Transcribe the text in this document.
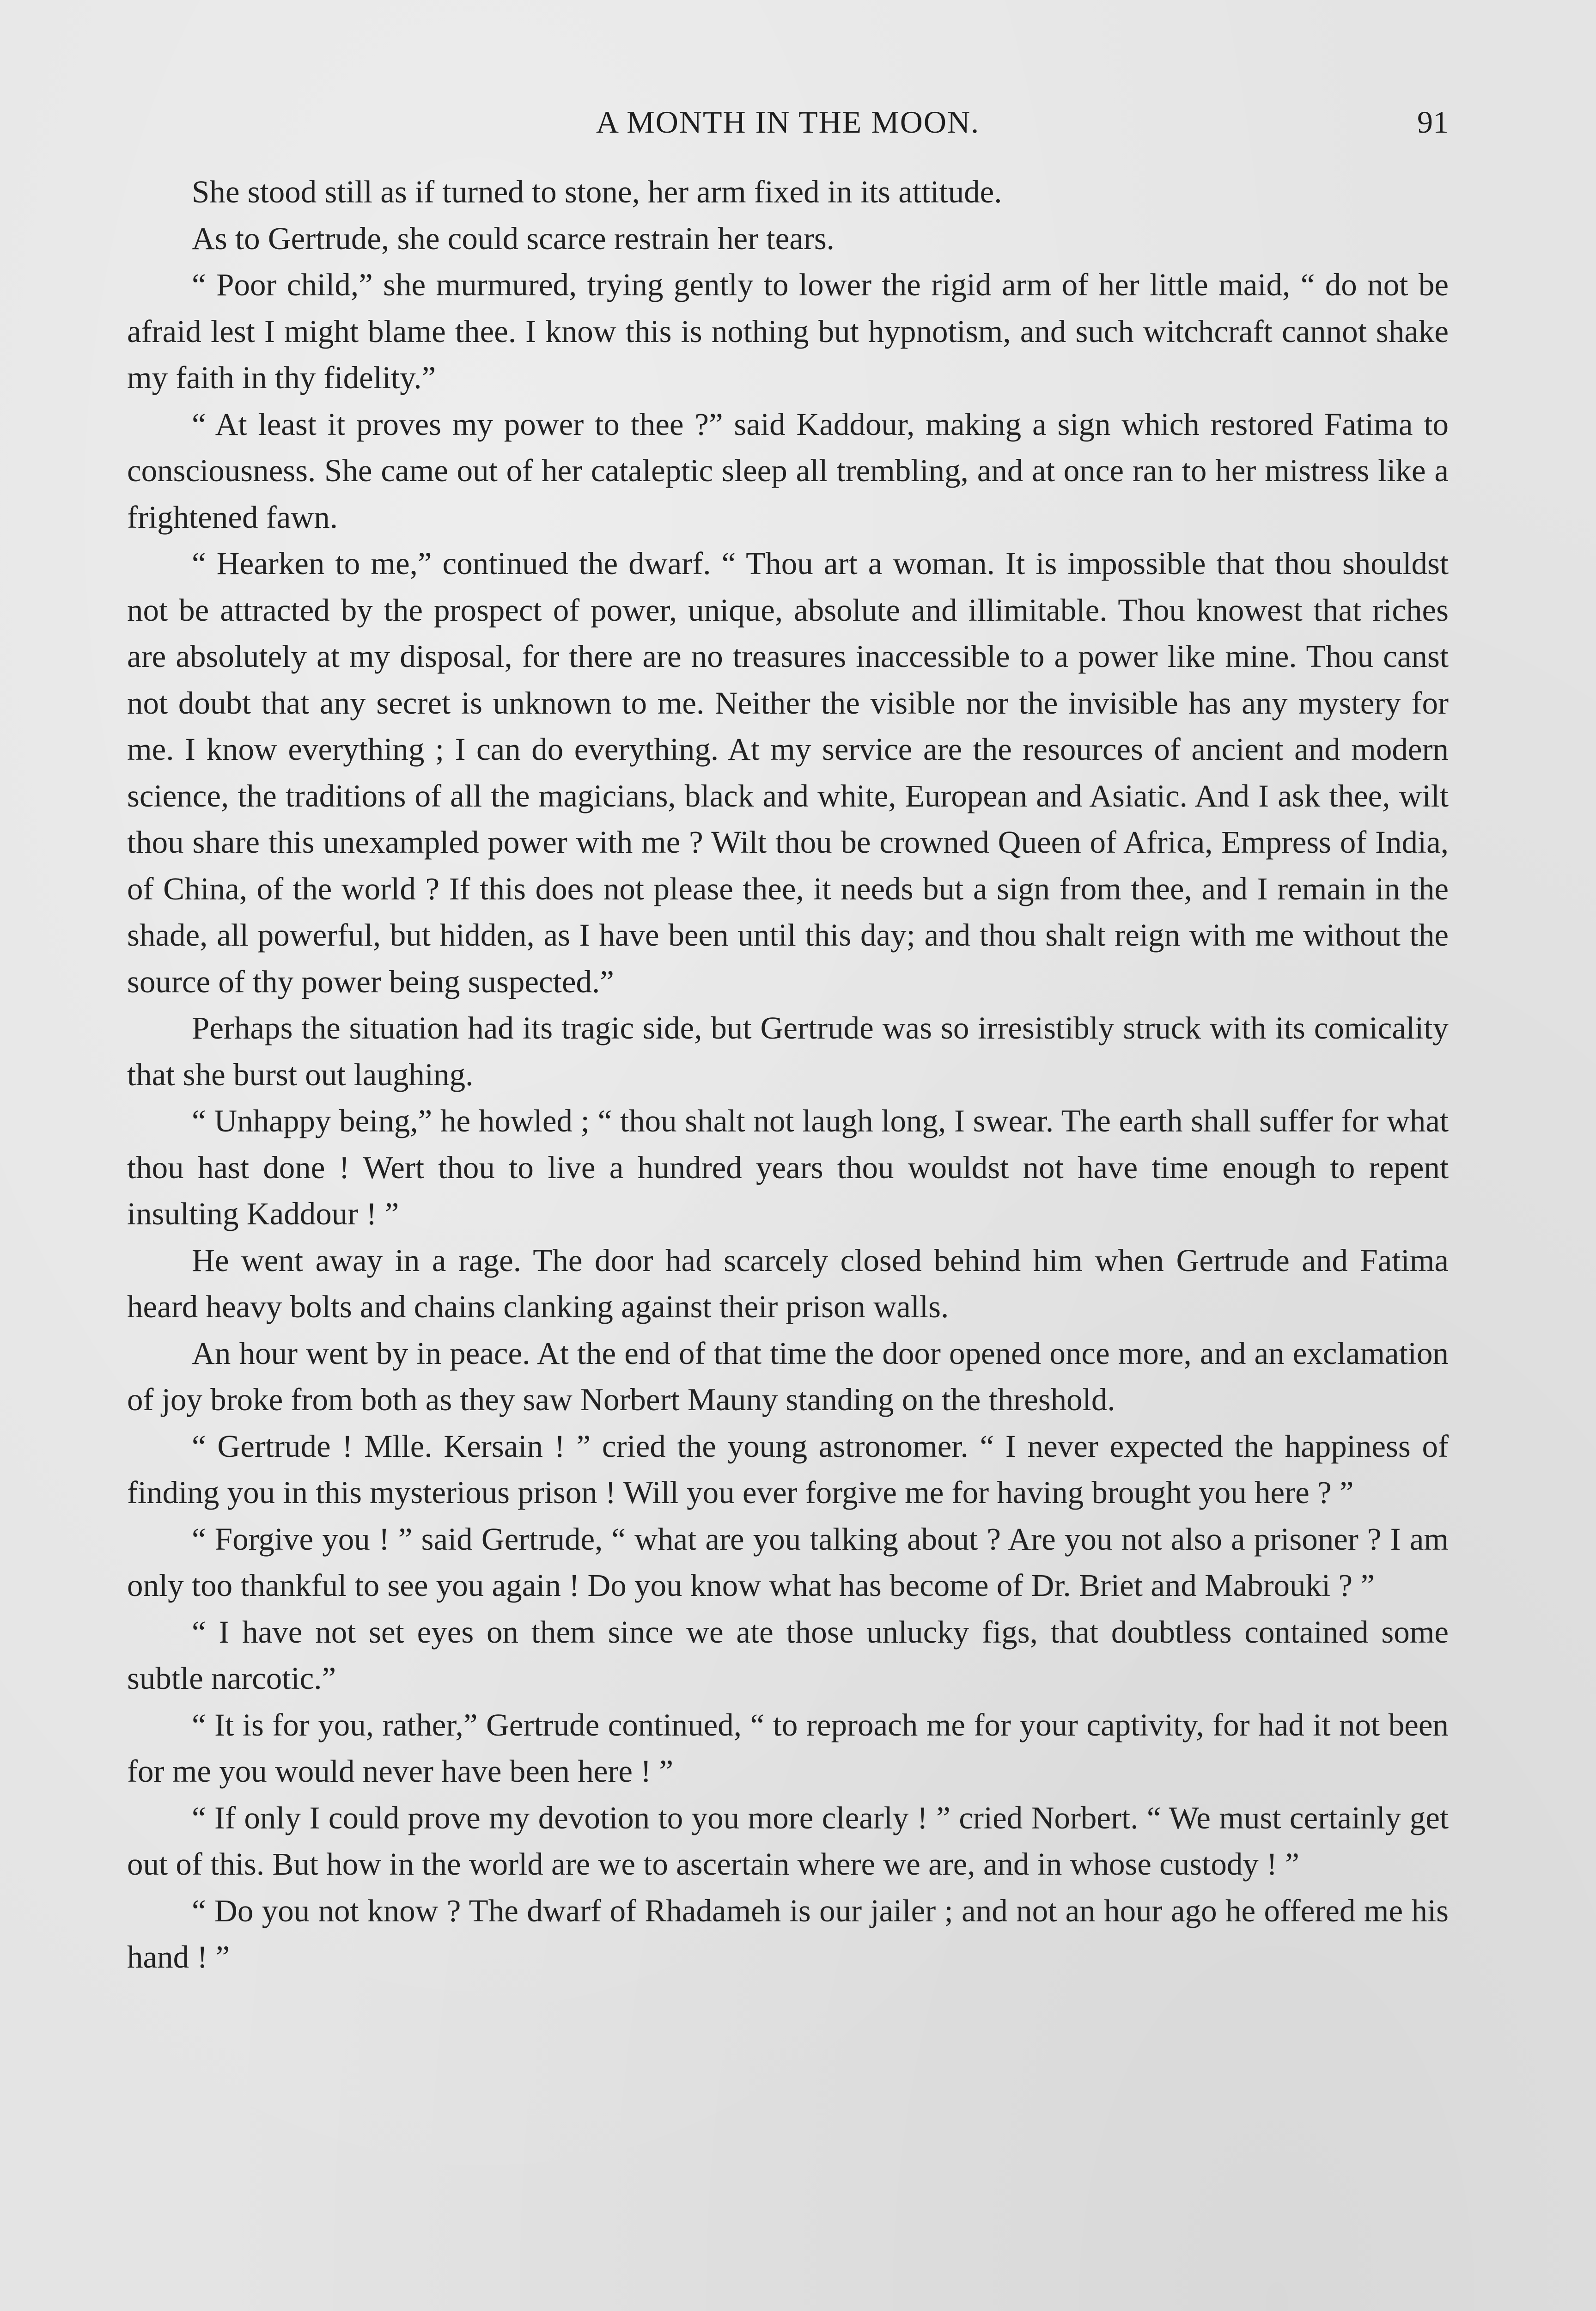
A MONTH IN THE MOON.	91

She stood still as if turned to stone, her arm fixed in its attitude.

As to Gertrude, she could scarce restrain her tears.

“ Poor child,” she murmured, trying gently to lower the rigid arm of her little maid, “ do not be afraid lest I might blame thee. I know this is nothing but hypnotism, and such witchcraft cannot shake my faith in thy fidelity.”

“ At least it proves my power to thee ?” said Kaddour, making a sign which restored Fatima to consciousness. She came out of her cataleptic sleep all trembling, and at once ran to her mistress like a frightened fawn.

“ Hearken to me,” continued the dwarf. “ Thou art a woman. It is impossible that thou shouldst not be attracted by the prospect of power, unique, absolute and illimitable. Thou knowest that riches are absolutely at my disposal, for there are no treasures inaccessible to a power like mine. Thou canst not doubt that any secret is unknown to me. Neither the visible nor the invisible has any mystery for me. I know everything ; I can do everything. At my service are the resources of ancient and modern science, the traditions of all the magicians, black and white, European and Asiatic. And I ask thee, wilt thou share this unexampled power with me ? Wilt thou be crowned Queen of Africa, Empress of India, of China, of the world ? If this does not please thee, it needs but a sign from thee, and I remain in the shade, all powerful, but hidden, as I have been until this day; and thou shalt reign with me without the source of thy power being suspected.”

Perhaps the situation had its tragic side, but Gertrude was so irresistibly struck with its comicality that she burst out laughing.

“ Unhappy being,” he howled ; “ thou shalt not laugh long, I swear. The earth shall suffer for what thou hast done ! Wert thou to live a hundred years thou wouldst not have time enough to repent insulting Kaddour ! ”

He went away in a rage. The door had scarcely closed behind him when Gertrude and Fatima heard heavy bolts and chains clanking against their prison walls.

An hour went by in peace. At the end of that time the door opened once more, and an exclamation of joy broke from both as they saw Norbert Mauny standing on the threshold.

“ Gertrude ! Mlle. Kersain ! ” cried the young astronomer. “ I never expected the happiness of finding you in this mysterious prison ! Will you ever forgive me for having brought you here ? ”

“ Forgive you ! ” said Gertrude, “ what are you talking about ? Are you not also a prisoner ? I am only too thankful to see you again ! Do you know what has become of Dr. Briet and Mabrouki ? ”

“ I have not set eyes on them since we ate those unlucky figs, that doubtless contained some subtle narcotic.”

“ It is for you, rather,” Gertrude continued, “ to reproach me for your captivity, for had it not been for me you would never have been here ! ”

“ If only I could prove my devotion to you more clearly ! ” cried Norbert. “ We must certainly get out of this. But how in the world are we to ascertain where we are, and in whose custody ! ”

“ Do you not know ? The dwarf of Rhadameh is our jailer ; and not an hour ago he offered me his hand ! ”
